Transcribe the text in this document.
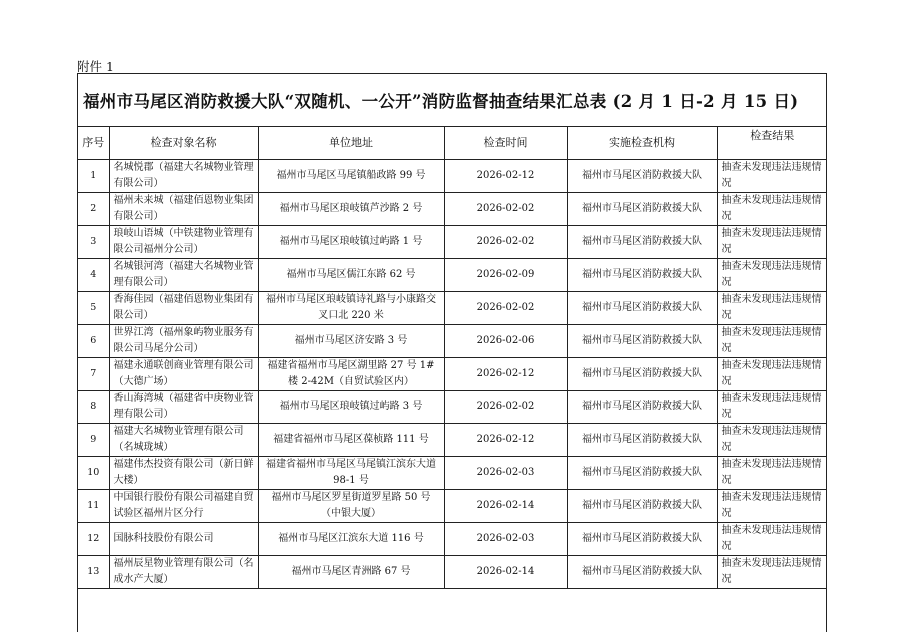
附件 1
福州市马尾区消防救援大队“双随机、一公开”消防监督抽查结果汇总表 (2 月 1 日-2 月 15 日)
序号	检查对象名称	单位地址	检查时间	实施检查机构	检查结果
1	名城悦郡（福建大名城物业管理有限公司）	福州市马尾区马尾镇船政路 99 号	2026-02-12	福州市马尾区消防救援大队	抽查未发现违法违规情况
2	福州未来城（福建佰恩物业集团有限公司）	福州市马尾区琅岐镇芦沙路 2 号	2026-02-02	福州市马尾区消防救援大队	抽查未发现违法违规情况
3	琅岐山语城（中铁建物业管理有限公司福州分公司）	福州市马尾区琅岐镇过屿路 1 号	2026-02-02	福州市马尾区消防救援大队	抽查未发现违法违规情况
4	名城银河湾（福建大名城物业管理有限公司）	福州市马尾区儒江东路 62 号	2026-02-09	福州市马尾区消防救援大队	抽查未发现违法违规情况
5	香海佳园（福建佰恩物业集团有限公司）	福州市马尾区琅岐镇诗礼路与小康路交叉口北 220 米	2026-02-02	福州市马尾区消防救援大队	抽查未发现违法违规情况
6	世界江湾（福州象屿物业服务有限公司马尾分公司）	福州市马尾区济安路 3 号	2026-02-06	福州市马尾区消防救援大队	抽查未发现违法违规情况
7	福建永通联创商业管理有限公司（大德广场）	福建省福州市马尾区湖里路 27 号 1# 楼 2-42M（自贸试验区内）	2026-02-12	福州市马尾区消防救援大队	抽查未发现违法违规情况
8	香山海湾城（福建省中庚物业管理有限公司）	福州市马尾区琅岐镇过屿路 3 号	2026-02-02	福州市马尾区消防救援大队	抽查未发现违法违规情况
9	福建大名城物业管理有限公司（名城珑城）	福建省福州市马尾区葆桢路 111 号	2026-02-12	福州市马尾区消防救援大队	抽查未发现违法违规情况
10	福建伟杰投资有限公司（新日鲜大楼）	福建省福州市马尾区马尾镇江滨东大道 98-1 号	2026-02-03	福州市马尾区消防救援大队	抽查未发现违法违规情况
11	中国银行股份有限公司福建自贸试验区福州片区分行	福州市马尾区罗星街道罗星路 50 号（中银大厦）	2026-02-14	福州市马尾区消防救援大队	抽查未发现违法违规情况
12	国脉科技股份有限公司	福州市马尾区江滨东大道 116 号	2026-02-03	福州市马尾区消防救援大队	抽查未发现违法违规情况
13	福州辰星物业管理有限公司（名成水产大厦）	福州市马尾区青洲路 67 号	2026-02-14	福州市马尾区消防救援大队	抽查未发现违法违规情况
